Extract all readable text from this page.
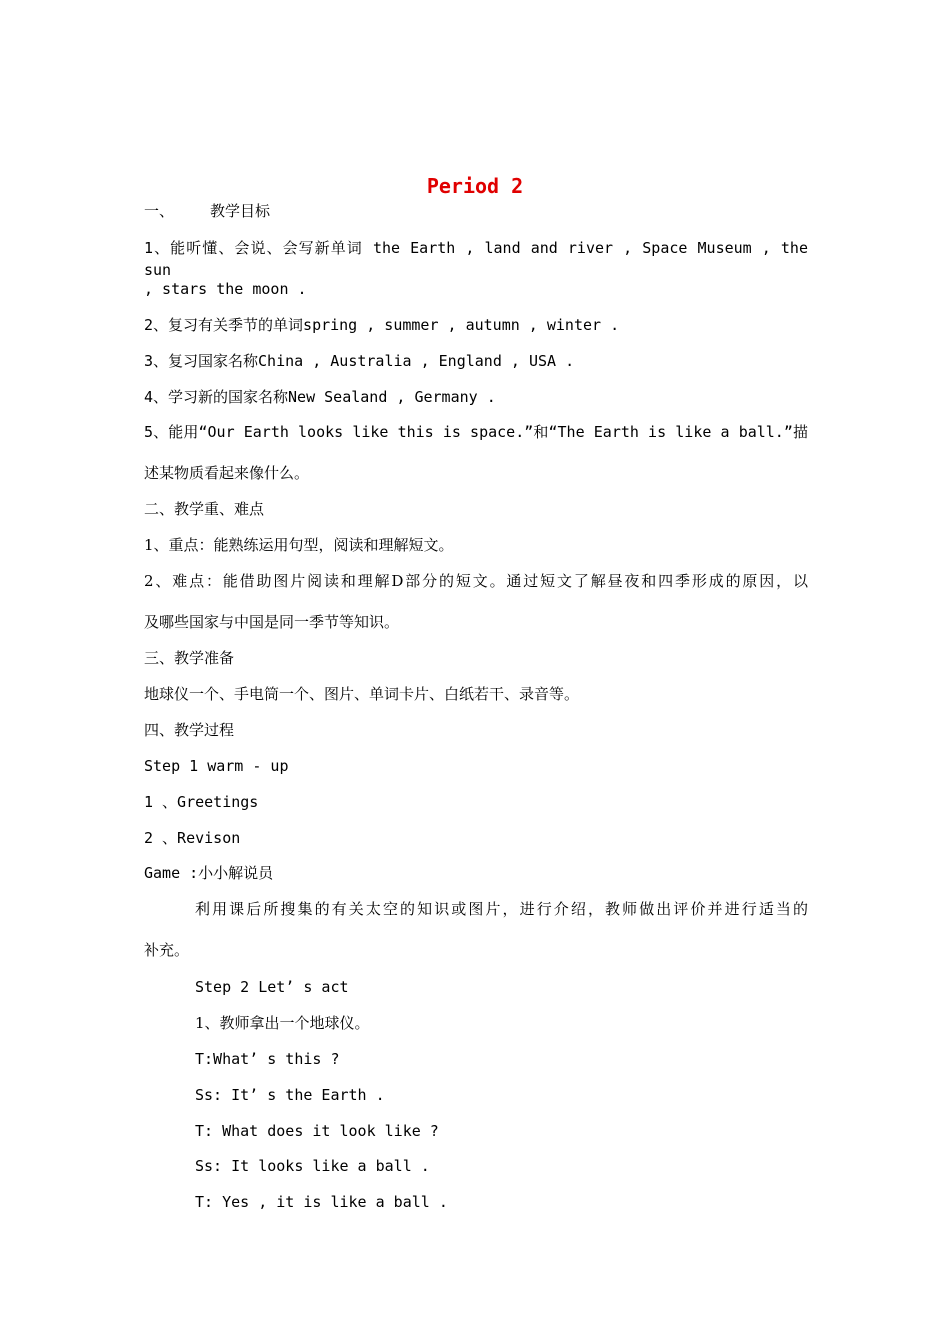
Period 2
一、 教学目标
1、能听懂、会说、会写新单词 the Earth , land and river , Space Museum , the sun
, stars the moon .
2、复习有关季节的单词spring , summer , autumn , winter .
3、复习国家名称China , Australia , England , USA .
4、学习新的国家名称New Sealand , Germany .
5、能用“Our Earth looks like this is space.”和“The Earth is like a ball.”描
述某物质看起来像什么。
二、教学重、难点
1、重点：能熟练运用句型，阅读和理解短文。
2、难点：能借助图片阅读和理解D部分的短文。通过短文了解昼夜和四季形成的原因，以
及哪些国家与中国是同一季节等知识。
三、教学准备
地球仪一个、手电筒一个、图片、单词卡片、白纸若干、录音等。
四、教学过程
Step 1 warm - up
1 、Greetings
2 、Revison
Game :小小解说员
利用课后所搜集的有关太空的知识或图片，进行介绍，教师做出评价并进行适当的
补充。
Step 2 Let’ s act
1、教师拿出一个地球仪。
T:What’ s this ?
Ss: It’ s the Earth .
T: What does it look like ?
Ss: It looks like a ball .
T: Yes , it is like a ball .
